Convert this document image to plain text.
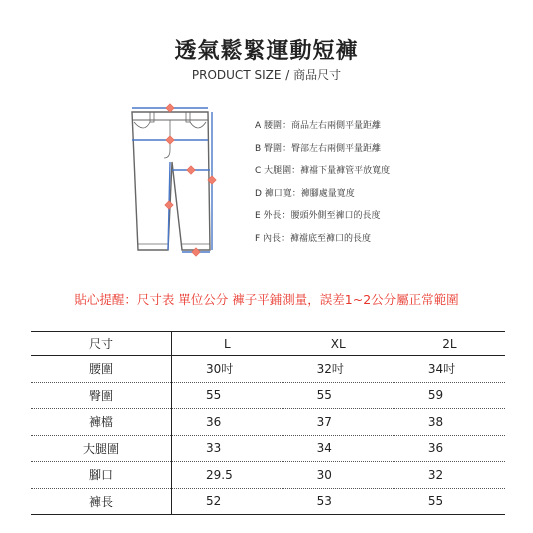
透氣鬆緊運動短褲
PRODUCT SIZE / 商品尺寸
A 腰圍：商品左右兩側平量距離
B 臀圍：臀部左右兩側平量距離
C 大腿圍：褲襠下量褲管平放寬度
D 褲口寬：褲腳處量寬度
E 外長：腰頭外側至褲口的長度
F 內長：褲襠底至褲口的長度
貼心提醒：尺寸表 單位公分 褲子平鋪測量，誤差1~2公分屬正常範圍
尺寸	L	XL	2L
腰圍	30吋	32吋	34吋
臀圍	55	55	59
褲檔	36	37	38
大腿圍	33	34	36
腳口	29.5	30	32
褲長	52	53	55
